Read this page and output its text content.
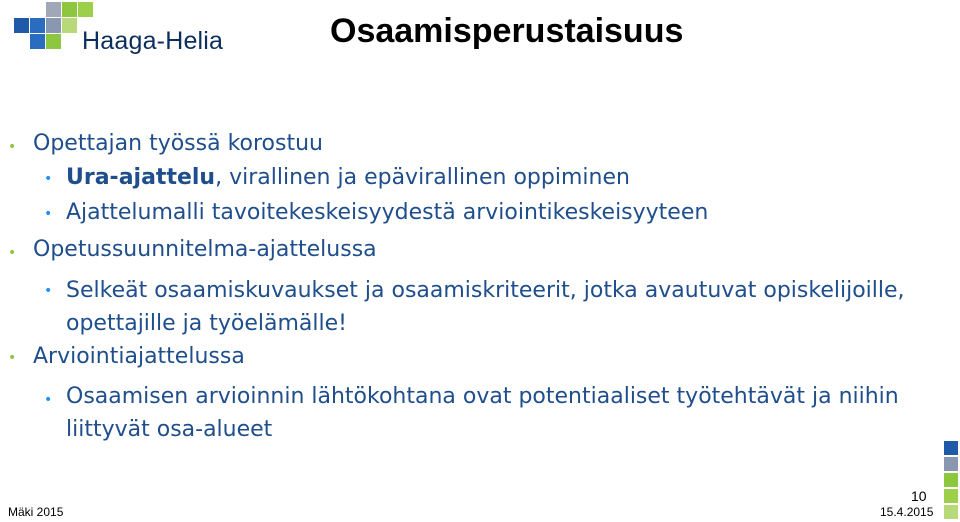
Haaga-Helia	Osaamisperustaisuus
• Opettajan työssä korostuu
• Ura-ajattelu, virallinen ja epävirallinen oppiminen
• Ajattelumalli tavoitekeskeisyydestä arviointikeskeisyyteen
• Opetussuunnitelma-ajattelussa
• Selkeät osaamiskuvaukset ja osaamiskriteerit, jotka avautuvat opiskelijoille,
opettajille ja työelämälle!
• Arviointiajattelussa
• Osaamisen arvioinnin lähtökohtana ovat potentiaaliset työtehtävät ja niihin
liittyvät osa-alueet
10
Mäki 2015	15.4.2015
